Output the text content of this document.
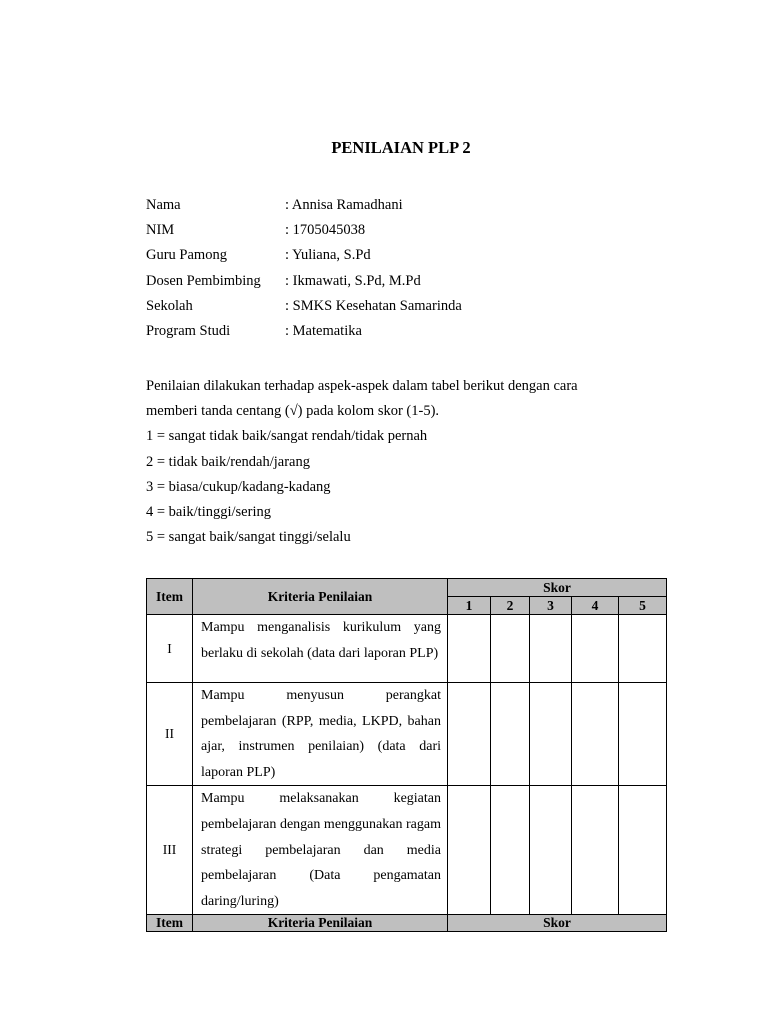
PENILAIAN PLP 2
Nama	: Annisa Ramadhani
NIM	: 1705045038
Guru Pamong	: Yuliana, S.Pd
Dosen Pembimbing	: Ikmawati, S.Pd, M.Pd
Sekolah	: SMKS Kesehatan Samarinda
Program Studi	: Matematika
Penilaian dilakukan terhadap aspek-aspek dalam tabel berikut dengan cara
memberi tanda centang (√) pada kolom skor (1-5).
1 = sangat tidak baik/sangat rendah/tidak pernah
2 = tidak baik/rendah/jarang
3 = biasa/cukup/kadang-kadang
4 = baik/tinggi/sering
5 = sangat baik/sangat tinggi/selalu
Item	Kriteria Penilaian	Skor				
		1	2	3	4	5
I	Mampu menganalisis kurikulum yang berlaku di sekolah (data dari laporan PLP)					
II	Mampu menyusun perangkat pembelajaran (RPP, media, LKPD, bahan ajar, instrumen penilaian) (data dari laporan PLP)					
III	Mampu melaksanakan kegiatan pembelajaran dengan menggunakan ragam strategi pembelajaran dan media pembelajaran (Data pengamatan daring/luring)					
Item	Kriteria Penilaian	Skor				
